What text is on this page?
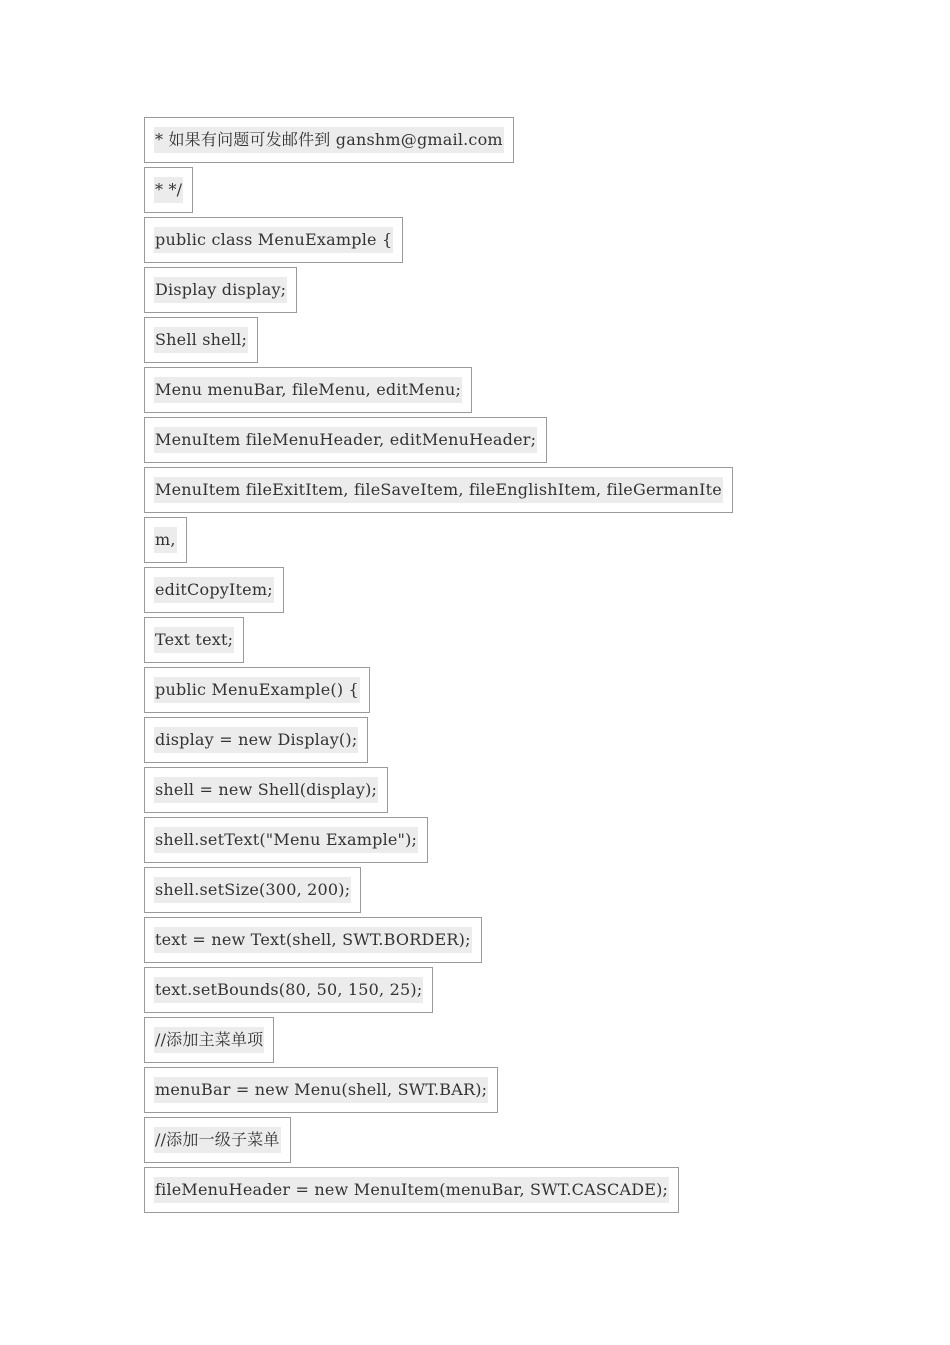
* 如果有问题可发邮件到 ganshm@gmail.com
* */
public class MenuExample {
Display display;
Shell shell;
Menu menuBar, fileMenu, editMenu;
MenuItem fileMenuHeader, editMenuHeader;
MenuItem fileExitItem, fileSaveItem, fileEnglishItem, fileGermanIte
m,
editCopyItem;
Text text;
public MenuExample() {
display = new Display();
shell = new Shell(display);
shell.setText("Menu Example");
shell.setSize(300, 200);
text = new Text(shell, SWT.BORDER);
text.setBounds(80, 50, 150, 25);
//添加主菜单项
menuBar = new Menu(shell, SWT.BAR);
//添加一级子菜单
fileMenuHeader = new MenuItem(menuBar, SWT.CASCADE);
